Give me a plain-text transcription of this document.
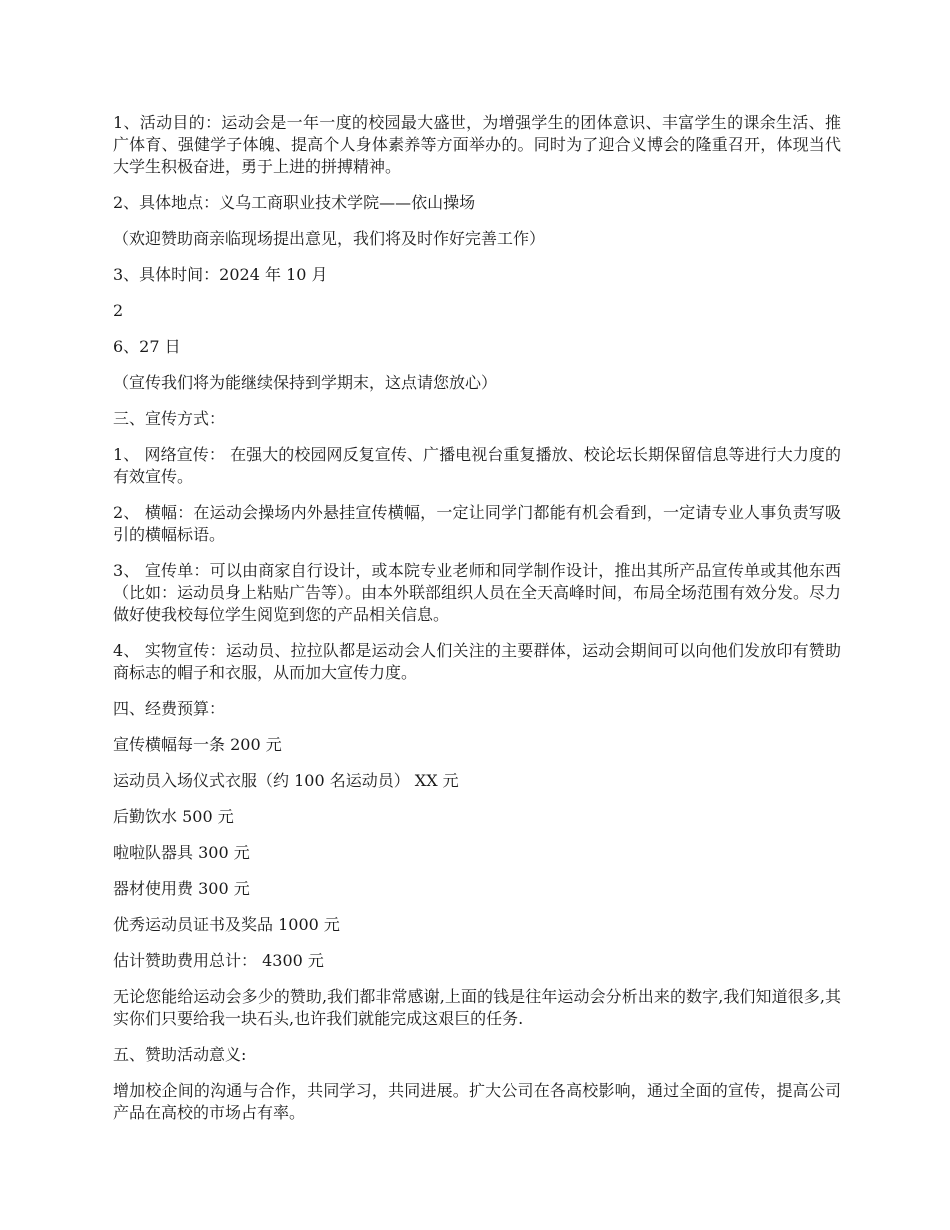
1、活动目的：运动会是一年一度的校园最大盛世，为增强学生的团体意识、丰富学生的课余生活、推广体育、强健学子体魄、提高个人身体素养等方面举办的。同时为了迎合义博会的隆重召开，体现当代大学生积极奋进，勇于上进的拼搏精神。

2、具体地点：义乌工商职业技术学院——依山操场

（欢迎赞助商亲临现场提出意见，我们将及时作好完善工作）

3、具体时间：2024 年 10 月

2

6、27 日

（宣传我们将为能继续保持到学期末，这点请您放心）

三、宣传方式：

1、 网络宣传： 在强大的校园网反复宣传、广播电视台重复播放、校论坛长期保留信息等进行大力度的有效宣传。

2、 横幅：在运动会操场内外悬挂宣传横幅，一定让同学门都能有机会看到，一定请专业人事负责写吸引的横幅标语。

3、 宣传单：可以由商家自行设计，或本院专业老师和同学制作设计，推出其所产品宣传单或其他东西（比如：运动员身上粘贴广告等）。由本外联部组织人员在全天高峰时间，布局全场范围有效分发。尽力做好使我校每位学生阅览到您的产品相关信息。

4、 实物宣传：运动员、拉拉队都是运动会人们关注的主要群体，运动会期间可以向他们发放印有赞助商标志的帽子和衣服，从而加大宣传力度。

四、经费预算：

宣传横幅每一条 200 元

运动员入场仪式衣服（约 100 名运动员） XX 元

后勤饮水 500 元

啦啦队器具 300 元

器材使用费 300 元

优秀运动员证书及奖品 1000 元

估计赞助费用总计： 4300 元

无论您能给运动会多少的赞助,我们都非常感谢,上面的钱是往年运动会分析出来的数字,我们知道很多,其实你们只要给我一块石头,也许我们就能完成这艰巨的任务.

五、赞助活动意义:

增加校企间的沟通与合作，共同学习，共同进展。扩大公司在各高校影响，通过全面的宣传，提高公司产品在高校的市场占有率。
